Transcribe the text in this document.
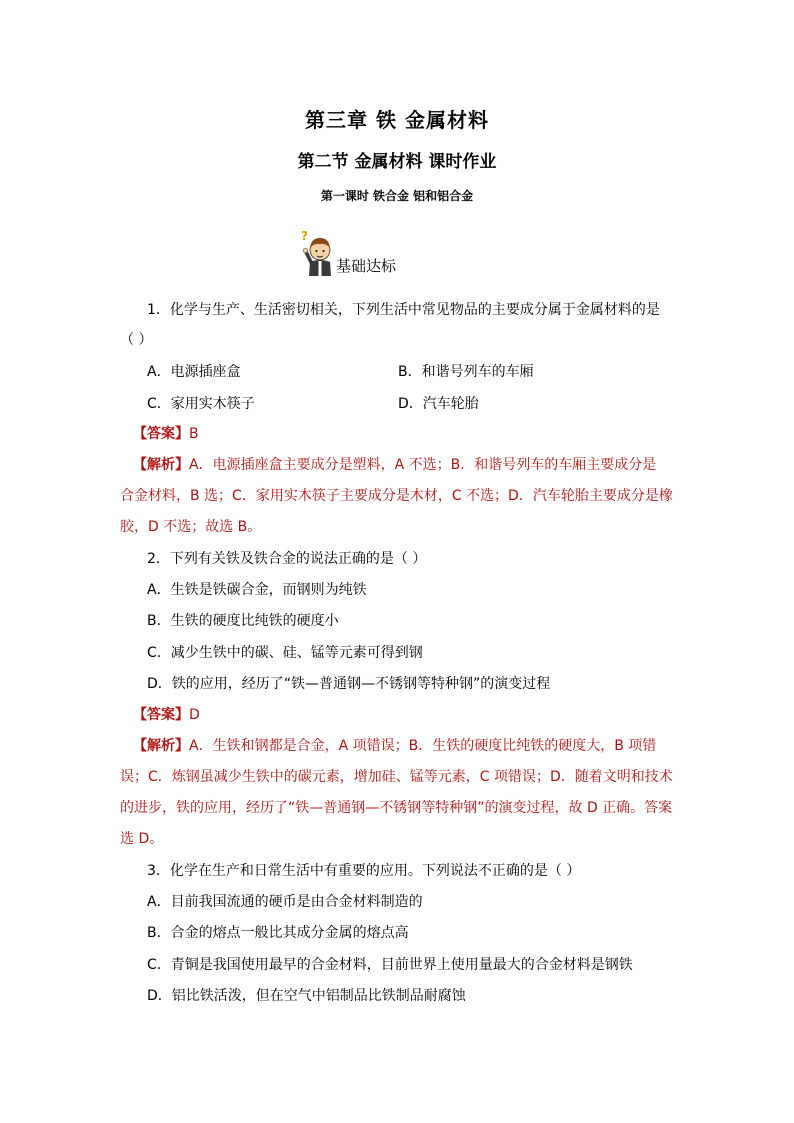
第三章 铁 金属材料
第二节 金属材料 课时作业
第一课时 铁合金 铝和铝合金
?
基础达标
1．化学与生产、生活密切相关，下列生活中常见物品的主要成分属于金属材料的是
（ ）
A．电源插座盒	B．和谐号列车的车厢
C．家用实木筷子	D．汽车轮胎
【答案】B
【解析】A．电源插座盒主要成分是塑料，A 不选；B．和谐号列车的车厢主要成分是
合金材料，B 选；C．家用实木筷子主要成分是木材，C 不选；D．汽车轮胎主要成分是橡
胶，D 不选；故选 B。
2．下列有关铁及铁合金的说法正确的是（ ）
A．生铁是铁碳合金，而钢则为纯铁
B．生铁的硬度比纯铁的硬度小
C．减少生铁中的碳、硅、锰等元素可得到钢
D．铁的应用，经历了“铁—普通钢—不锈钢等特种钢”的演变过程
【答案】D
【解析】A．生铁和钢都是合金，A 项错误；B．生铁的硬度比纯铁的硬度大，B 项错
误；C．炼钢虽减少生铁中的碳元素，增加硅、锰等元素，C 项错误；D．随着文明和技术
的进步，铁的应用，经历了“铁—普通钢—不锈钢等特种钢”的演变过程，故 D 正确。答案
选 D。
3．化学在生产和日常生活中有重要的应用。下列说法不正确的是（ ）
A．目前我国流通的硬币是由合金材料制造的
B．合金的熔点一般比其成分金属的熔点高
C．青铜是我国使用最早的合金材料，目前世界上使用量最大的合金材料是钢铁
D．铝比铁活泼，但在空气中铝制品比铁制品耐腐蚀
